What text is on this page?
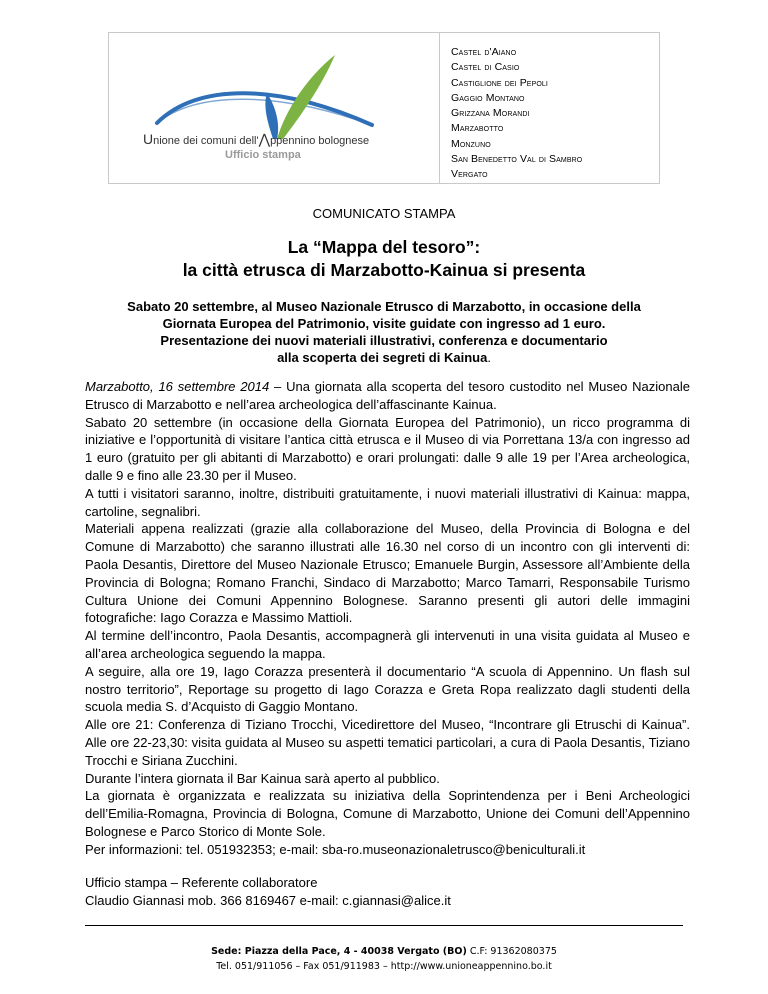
Unione dei comuni dell'⋀ppennino bolognese
Ufficio stampa
Castel d'Aiano
Castel di Casio
Castiglione dei Pepoli
Gaggio Montano
Grizzana Morandi
Marzabotto
Monzuno
San Benedetto Val di Sambro
Vergato
COMUNICATO STAMPA
La “Mappa del tesoro”:
la città etrusca di Marzabotto-Kainua si presenta
Sabato 20 settembre, al Museo Nazionale Etrusco di Marzabotto, in occasione della
Giornata Europea del Patrimonio, visite guidate con ingresso ad 1 euro.
Presentazione dei nuovi materiali illustrativi, conferenza e documentario
alla scoperta dei segreti di Kainua.

Marzabotto, 16 settembre 2014 – Una giornata alla scoperta del tesoro custodito nel Museo Nazionale Etrusco di Marzabotto e nell’area archeologica dell’affascinante Kainua.

Sabato 20 settembre (in occasione della Giornata Europea del Patrimonio), un ricco programma di iniziative e l’opportunità di visitare l’antica città etrusca e il Museo di via Porrettana 13/a con ingresso ad 1 euro (gratuito per gli abitanti di Marzabotto) e orari prolungati: dalle 9 alle 19 per l’Area archeologica, dalle 9 e fino alle 23.30 per il Museo.

A tutti i visitatori saranno, inoltre, distribuiti gratuitamente, i nuovi materiali illustrativi di Kainua: mappa, cartoline, segnalibri.

Materiali appena realizzati (grazie alla collaborazione del Museo, della Provincia di Bologna e del Comune di Marzabotto) che saranno illustrati alle 16.30 nel corso di un incontro con gli interventi di: Paola Desantis, Direttore del Museo Nazionale Etrusco; Emanuele Burgin, Assessore all’Ambiente della Provincia di Bologna; Romano Franchi, Sindaco di Marzabotto; Marco Tamarri, Responsabile Turismo Cultura Unione dei Comuni Appennino Bolognese. Saranno presenti gli autori delle immagini fotografiche: Iago Corazza e Massimo Mattioli.

Al termine dell’incontro, Paola Desantis, accompagnerà gli intervenuti in una visita guidata al Museo e all’area archeologica seguendo la mappa.

A seguire, alla ore 19, Iago Corazza presenterà il documentario “A scuola di Appennino. Un flash sul nostro territorio”, Reportage su progetto di Iago Corazza e Greta Ropa realizzato dagli studenti della scuola media S. d’Acquisto di Gaggio Montano.

Alle ore 21: Conferenza di Tiziano Trocchi, Vicedirettore del Museo, “Incontrare gli Etruschi di Kainua”. Alle ore 22-23,30: visita guidata al Museo su aspetti tematici particolari, a cura di Paola Desantis, Tiziano Trocchi e Siriana Zucchini.

Durante l’intera giornata il Bar Kainua sarà aperto al pubblico.

La giornata è organizzata e realizzata su iniziativa della Soprintendenza per i Beni Archeologici dell’Emilia-Romagna, Provincia di Bologna, Comune di Marzabotto, Unione dei Comuni dell’Appennino Bolognese e Parco Storico di Monte Sole.

Per informazioni: tel. 051932353; e-mail: sba-ro.museonazionaletrusco@beniculturali.it

Ufficio stampa – Referente collaboratore
Claudio Giannasi mob. 366 8169467 e-mail: c.giannasi@alice.it
Sede: Piazza della Pace, 4 - 40038 Vergato (BO) C.F: 91362080375
Tel. 051/911056 – Fax 051/911983 – http://www.unioneappennino.bo.it
